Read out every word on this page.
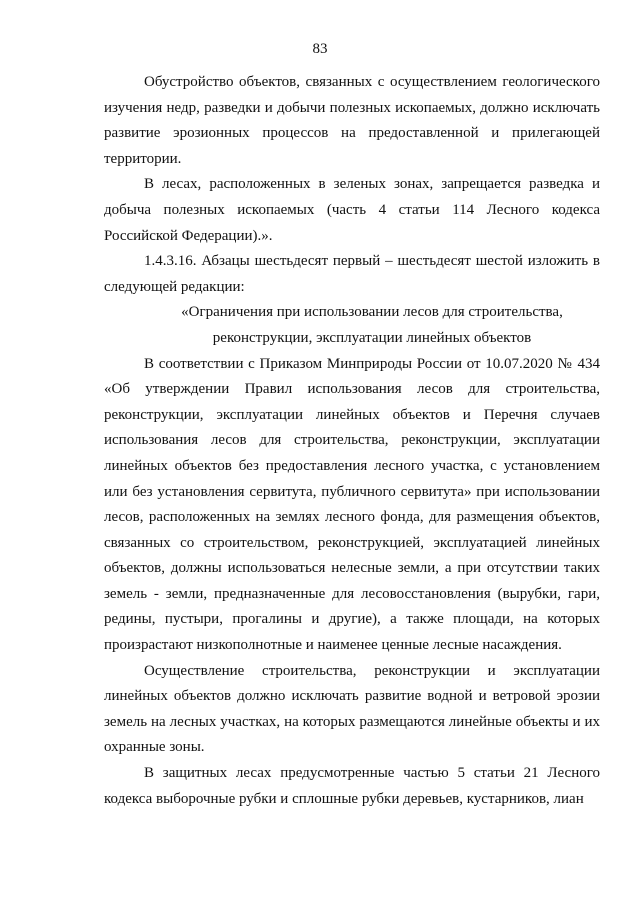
83

Обустройство объектов, связанных с осуществлением геологического изучения недр, разведки и добычи полезных ископаемых, должно исключать развитие эрозионных процессов на предоставленной и прилегающей территории.

В лесах, расположенных в зеленых зонах, запрещается разведка и добыча полезных ископаемых (часть 4 статьи 114 Лесного кодекса Российской Федерации).».

1.4.3.16. Абзацы шестьдесят первый – шестьдесят шестой изложить в следующей редакции:

«Ограничения при использовании лесов для строительства,
реконструкции, эксплуатации линейных объектов

В соответствии с Приказом Минприроды России от 10.07.2020 № 434 «Об утверждении Правил использования лесов для строительства, реконструкции, эксплуатации линейных объектов и Перечня случаев использования лесов для строительства, реконструкции, эксплуатации линейных объектов без предоставления лесного участка, с установлением или без установления сервитута, публичного сервитута» при использовании лесов, расположенных на землях лесного фонда, для размещения объектов, связанных со строительством, реконструкцией, эксплуатацией линейных объектов, должны использоваться нелесные земли, а при отсутствии таких земель - земли, предназначенные для лесовосстановления (вырубки, гари, редины, пустыри, прогалины и другие), а также площади, на которых произрастают низкополнотные и наименее ценные лесные насаждения.

Осуществление строительства, реконструкции и эксплуатации линейных объектов должно исключать развитие водной и ветровой эрозии земель на лесных участках, на которых размещаются линейные объекты и их охранные зоны.

В защитных лесах предусмотренные частью 5 статьи 21 Лесного кодекса выборочные рубки и сплошные рубки деревьев, кустарников, лиан
